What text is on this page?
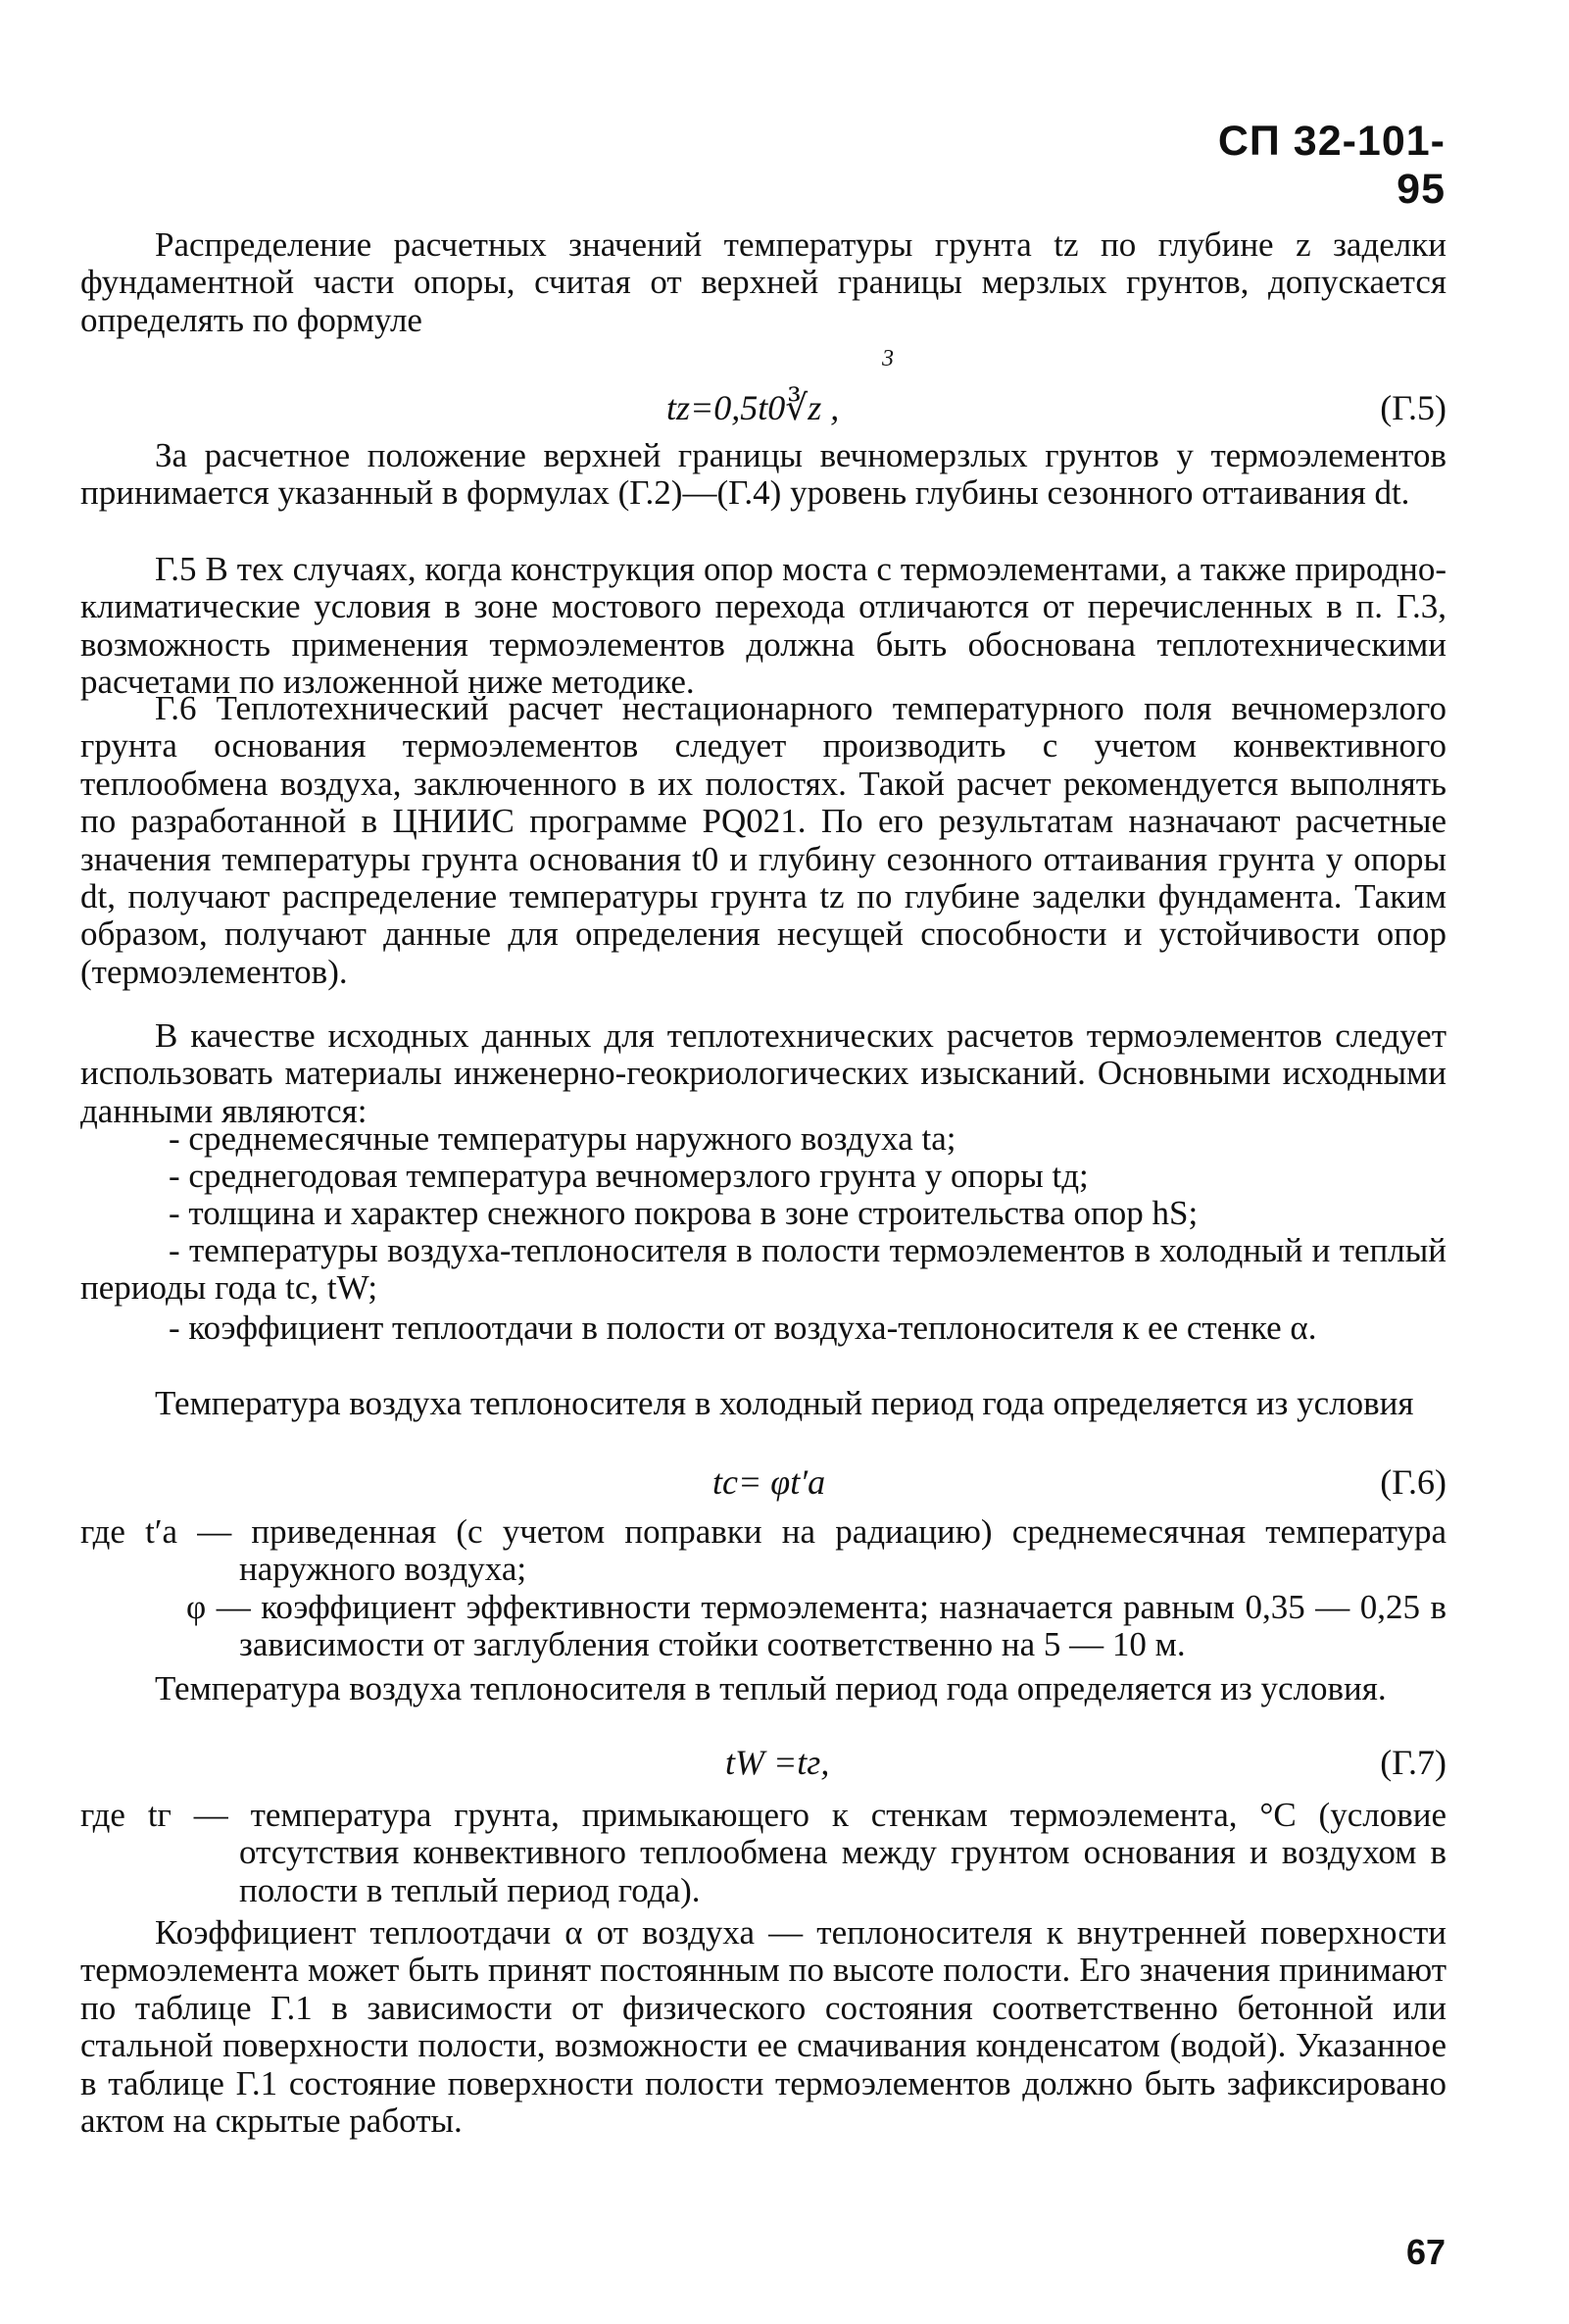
СП 32-101-95
Распределение расчетных значений температуры грунта tz по глубине z заделки фундаментной части опоры, считая от верхней границы мерзлых грунтов, допускается определять по формуле
3
tz=0,5t0∛z ,	(Г.5)
За расчетное положение верхней границы вечномерзлых грунтов у термоэлементов принимается указанный в формулах (Г.2)—(Г.4) уровень глубины сезонного оттаивания dt.
Г.5 В тех случаях, когда конструкция опор моста с термоэлементами, а также природно-климатические условия в зоне мостового перехода отличаются от перечисленных в п. Г.3, возможность применения термоэлементов должна быть обоснована теплотехническими расчетами по изложенной ниже методике.
Г.6 Теплотехнический расчет нестационарного температурного поля вечномерзлого грунта основания термоэлементов следует производить с учетом конвективного теплообмена воздуха, заключенного в их полостях. Такой расчет рекомендуется выполнять по разработанной в ЦНИИС программе PQ021. По его результатам назначают расчетные значения температуры грунта основания t0 и глубину сезонного оттаивания грунта у опоры dt, получают распределение температуры грунта tz по глубине заделки фундамента. Таким образом, получают данные для определения несущей способности и устойчивости опор (термоэлементов).
В качестве исходных данных для теплотехнических расчетов термоэлементов следует использовать материалы инженерно-геокриологических изысканий. Основными исходными данными являются:
- среднемесячные температуры наружного воздуха ta;
- среднегодовая температура вечномерзлого грунта у опоры tд;
- толщина и характер снежного покрова в зоне строительства опор hS;
- температуры воздуха-теплоносителя в полости термоэлементов в холодный и теплый периоды года tc, tW;
- коэффициент теплоотдачи в полости от воздуха-теплоносителя к ее стенке α.
Температура воздуха теплоносителя в холодный период года определяется из условия
tc= φt′a	(Г.6)
где t′a — приведенная (с учетом поправки на радиацию) среднемесячная температура наружного воздуха;
φ — коэффициент эффективности термоэлемента; назначается равным 0,35 — 0,25 в зависимости от заглубления стойки соответственно на 5 — 10 м.
Температура воздуха теплоносителя в теплый период года определяется из условия.
tW =tг,	(Г.7)
где tг — температура грунта, примыкающего к стенкам термоэлемента, °С (условие отсутствия конвективного теплообмена между грунтом основания и воздухом в полости в теплый период года).
Коэффициент теплоотдачи α от воздуха — теплоносителя к внутренней поверхности термоэлемента может быть принят постоянным по высоте полости. Его значения принимают по таблице Г.1 в зависимости от физического состояния соответственно бетонной или стальной поверхности полости, возможности ее смачивания конденсатом (водой). Указанное в таблице Г.1 состояние поверхности полости термоэлементов должно быть зафиксировано актом на скрытые работы.
67
